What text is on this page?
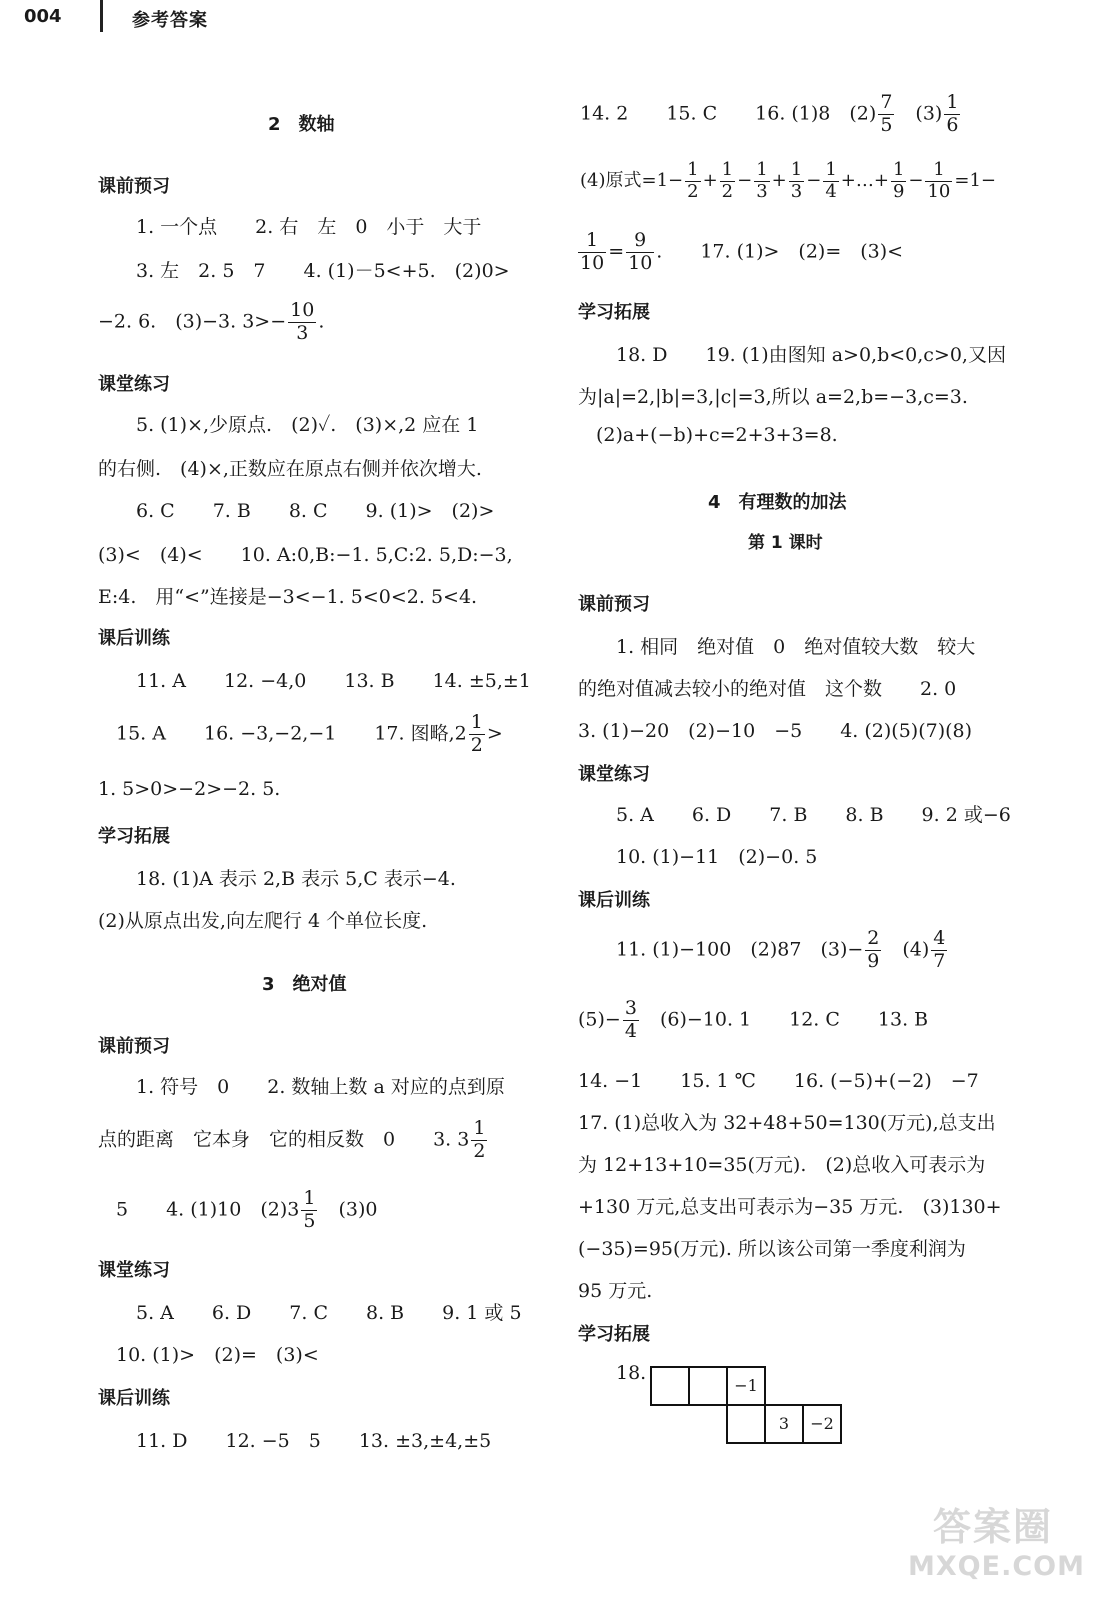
004	参考答案
2　数轴
课前预习
1. 一个点　　2. 右　左　0　小于　大于
3. 左　2. 5　7　　4. (1)－5<+5.　(2)0>
−2. 6.　(3)−3. $3>- \frac{10}{3}$ .
课堂练习
5. (1)×,少原点.　(2)✓.　(3)×,2 应在 1
的右侧.　(4)×,正数应在原点右侧并依次增大.
6. C　　7. B　　8. C　　9. (1)>　(2)>
(3)<　(4)<　　10. A:0,B:−1. 5,C:2. 5,D:−3,
E:4.　用“<”连接是−3<−1. 5<0<2. 5<4.
课后训练
11. A　　12. −4,0　　13. B　　14. ±5,±1
15. A　　16. −3,−2,−1　　17. 图略$,2 \frac{1}{2}$ >
1. 5>0>−2>−2. 5.
学习拓展
18. (1)A 表示 2,B 表示 5,C 表示−4.
(2)从原点出发,向左爬行 4 个单位长度.
3　绝对值
课前预习
1. 符号　0　　2. 数轴上数 a 对应的点到原
点的距离　它本身　它的相反数　0　　3. $3 \frac{1}{2}$
5　　4. (1)10　$(2)3 \frac{1}{5}$ 　(3)0
课堂练习
5. A　　6. D　　7. C　　8. B　　9. 1 或 5
10. (1)>　(2)=　(3)<
课后训练
11. D　　12. −5　5　　13. ±3,±4,±5
14. 2　　15. C　　16. (1)8　$(2) \frac{7}{5}$ 　$(3) \frac{1}{6}$
(4)原式$=1- \frac{1}{2} + \frac{1}{2} - \frac{1}{3} + \frac{1}{3} - \frac{1}{4}$ +…+ $\frac{1}{9} - \frac{1}{10} =1-$
$\frac{1}{10} = \frac{9}{10}$ .　　17. (1)>　(2)=　(3)<
学习拓展
18. D　　19. (1)由图知 a>0,b<0,c>0,又因
为|a|=2,|b|=3,|c|=3,所以 a=2,b=−3,c=3.
(2)a+(−b)+c=2+3+3=8.
4　有理数的加法
第 1 课时
课前预习
1. 相同　绝对值　0　绝对值较大数　较大
的绝对值减去较小的绝对值　这个数　　2. 0
3. (1)−20　(2)−10　−5　　4. (2)(5)(7)(8)
课堂练习
5. A　　6. D　　7. B　　8. B　　9. 2 或−6
10. (1)−11　(2)−0. 5
课后训练
11. (1)−100　(2)87　$(3)- \frac{2}{9}$ 　$(4) \frac{4}{7}$
$(5)- \frac{3}{4}$ 　(6)−10. 1　　12. C　　13. B
14. −1　　15. 1 ℃　　16. (−5)+(−2)　−7
17. (1)总收入为 32+48+50=130(万元),总支出
为 12+13+10=35(万元).　(2)总收入可表示为
+130 万元,总支出可表示为−35 万元.　(3)130+
(−35)=95(万元). 所以该公司第一季度利润为
95 万元.
学习拓展
18.
−1
3	−2
答案圈
MXQE.COM
